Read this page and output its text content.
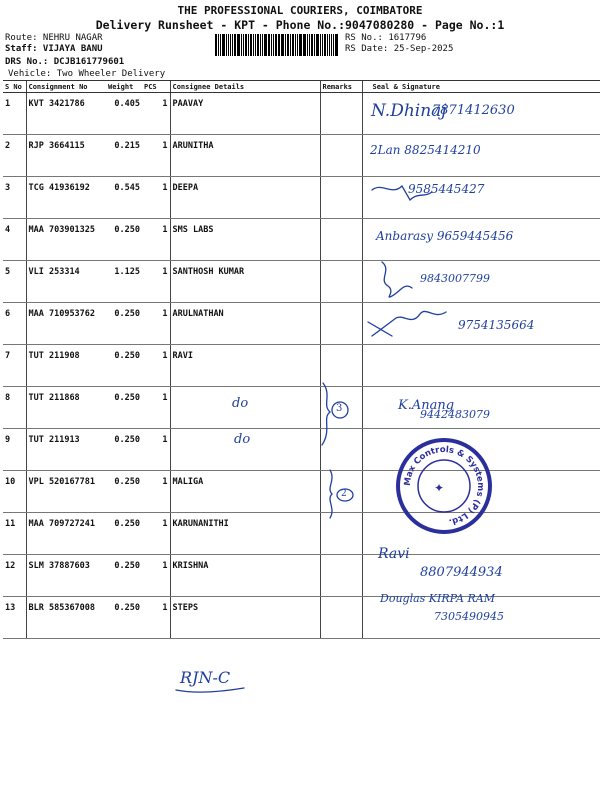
THE PROFESSIONAL COURIERS, COIMBATORE
Delivery Runsheet - KPT - Phone No.:9047080280 - Page No.:1
Route: NEHRU NAGAR
Staff: VIJAYA BANU
DRS No.: DCJB161779601
Vehicle: Two Wheeler Delivery
RS No.: 1617796
RS Date: 25-Sep-2025
S No	Consignment No	Weight	PCS	Consignee Details	Remarks	Seal & Signature
1	KVT 3421786	0.405	1	PAAVAY		
2	RJP 3664115	0.215	1	ARUNITHA		
3	TCG 41936192	0.545	1	DEEPA		
4	MAA 703901325	0.250	1	SMS LABS		
5	VLI 253314	1.125	1	SANTHOSH KUMAR		
6	MAA 710953762	0.250	1	ARULNATHAN		
7	TUT 211908	0.250	1	RAVI		
8	TUT 211868	0.250	1			
9	TUT 211913	0.250	1			
10	VPL 520167781	0.250	1	MALIGA		
11	MAA 709727241	0.250	1	KARUNANITHI		
12	SLM 37887603	0.250	1	KRISHNA		
13	BLR 585367008	0.250	1	STEPS		
N.Dhinaj
7871412630
2Lan 8825414210
9585445427
Anbarasy 9659445456
9843007799
9754135664
do
do
3
2
K.Anang
9442483079
Ravi
8807944934
Douglas KIRPA RAM
7305490945
RJN-C
Max Controls & Systems (P) Ltd.
✦
